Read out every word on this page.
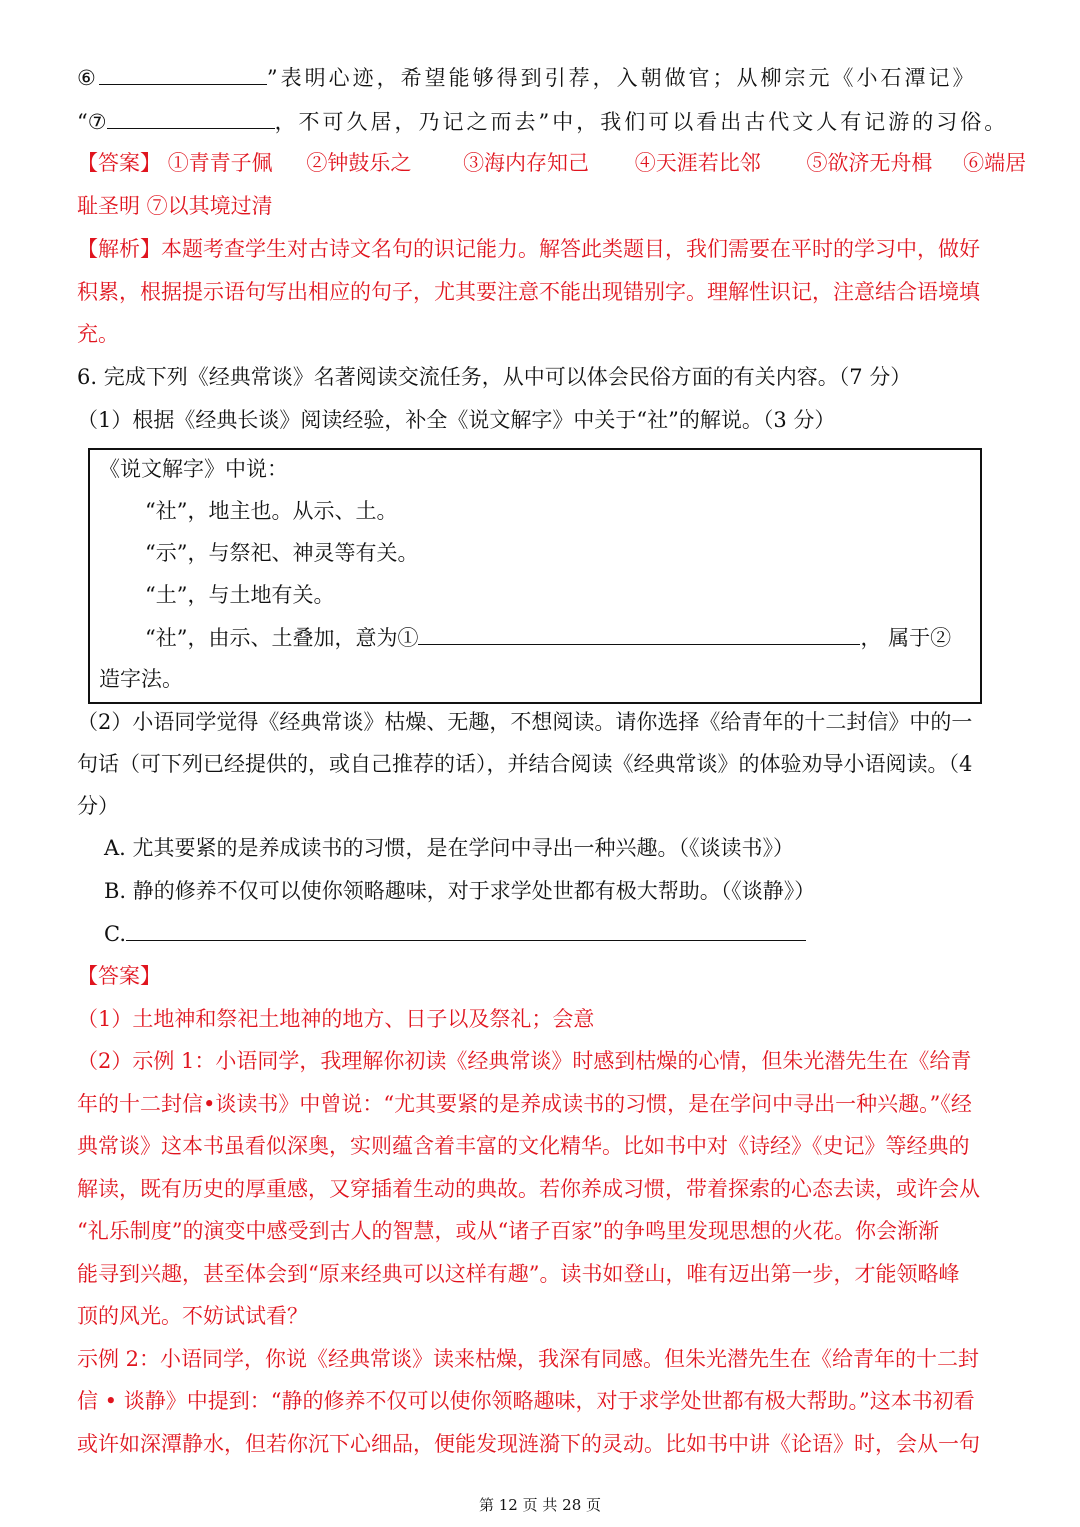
⑥	”表明心迹，希望能够得到引荐，入朝做官；从柳宗元《小石潭记》
“⑦	，不可久居，乃记之而去”中，我们可以看出古代文人有记游的习俗。
【答案】 ①青青子佩 ②钟鼓乐之 ③海内存知己 ④天涯若比邻 ⑤欲济无舟楫 ⑥端居
耻圣明 ⑦以其境过清
【解析】本题考查学生对古诗文名句的识记能力。解答此类题目，我们需要在平时的学习中，做好
积累，根据提示语句写出相应的句子，尤其要注意不能出现错别字。理解性识记，注意结合语境填
充。
6. 完成下列《经典常谈》名著阅读交流任务，从中可以体会民俗方面的有关内容。（7 分）
（1）根据《经典长谈》阅读经验，补全《说文解字》中关于“社”的解说。（3 分）
《说文解字》中说：
“社”，地主也。从示、土。
“示”，与祭祀、神灵等有关。
“土”，与土地有关。
“社”，由示、土叠加，意为①	， 属于②
造字法。
（2）小语同学觉得《经典常谈》枯燥、无趣，不想阅读。请你选择《给青年的十二封信》中的一
句话（可下列已经提供的，或自己推荐的话），并结合阅读《经典常谈》的体验劝导小语阅读。（4
分）
A. 尤其要紧的是养成读书的习惯，是在学问中寻出一种兴趣。（《谈读书》）
B. 静的修养不仅可以使你领略趣味，对于求学处世都有极大帮助。（《谈静》）
C.
【答案】
（1）土地神和祭祀土地神的地方、日子以及祭礼；会意
（2）示例 1：小语同学，我理解你初读《经典常谈》时感到枯燥的心情，但朱光潜先生在《给青
年的十二封信•谈读书》中曾说：“尤其要紧的是养成读书的习惯，是在学问中寻出一种兴趣。”《经
典常谈》这本书虽看似深奥，实则蕴含着丰富的文化精华。比如书中对《诗经》《史记》等经典的
解读，既有历史的厚重感，又穿插着生动的典故。若你养成习惯，带着探索的心态去读，或许会从
“礼乐制度”的演变中感受到古人的智慧，或从“诸子百家”的争鸣里发现思想的火花。你会渐渐
能寻到兴趣，甚至体会到“原来经典可以这样有趣”。读书如登山，唯有迈出第一步，才能领略峰
顶的风光。不妨试试看？
示例 2：小语同学，你说《经典常谈》读来枯燥，我深有同感。但朱光潜先生在《给青年的十二封
信 • 谈静》中提到：“静的修养不仅可以使你领略趣味，对于求学处世都有极大帮助。”这本书初看
或许如深潭静水，但若你沉下心细品，便能发现涟漪下的灵动。比如书中讲《论语》时，会从一句
第 12 页 共 28 页
